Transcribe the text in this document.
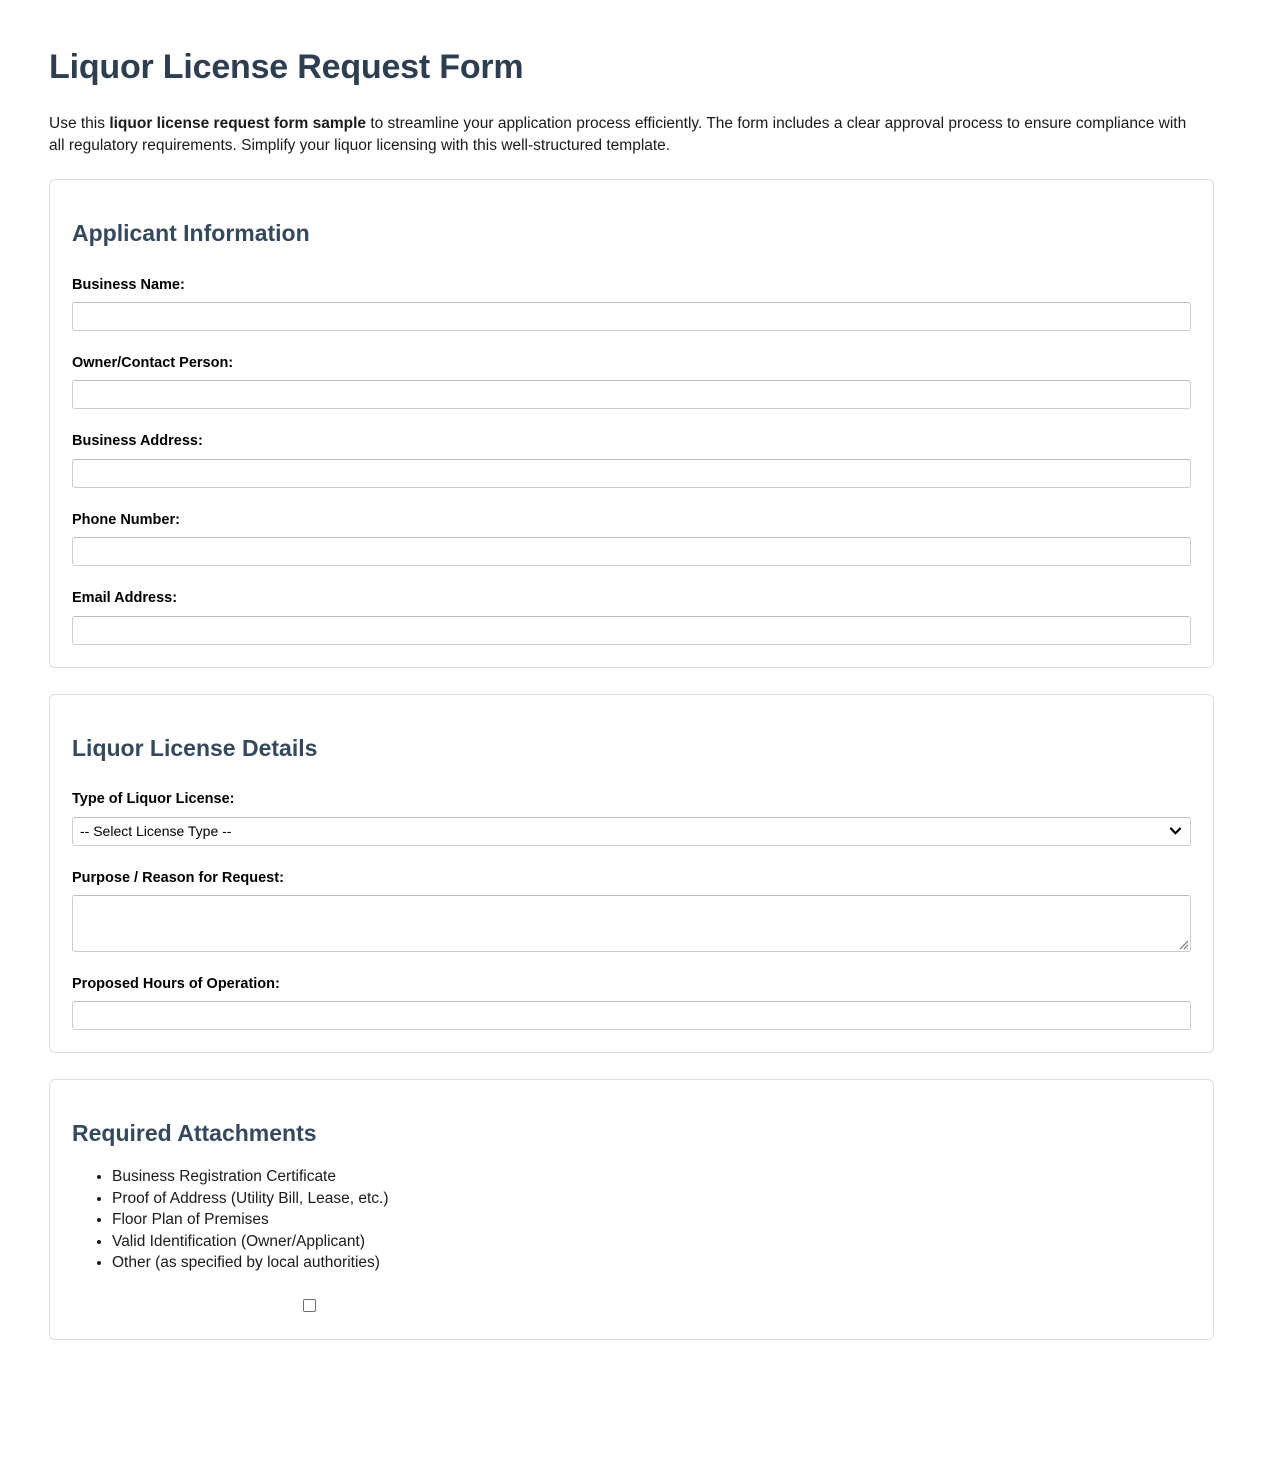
Liquor License Request Form

Use this liquor license request form sample to streamline your application process efficiently. The form includes a clear approval process to ensure compliance with all regulatory requirements. Simplify your liquor licensing with this well-structured template.

Applicant Information
Business Name:
Owner/Contact Person:
Business Address:
Phone Number:
Email Address:
Liquor License Details
Type of Liquor License:
-- Select License Type --
Purpose / Reason for Request:
Proposed Hours of Operation:
Required Attachments
• Business Registration Certificate
• Proof of Address (Utility Bill, Lease, etc.)
• Floor Plan of Premises
• Valid Identification (Owner/Applicant)
• Other (as specified by local authorities)
